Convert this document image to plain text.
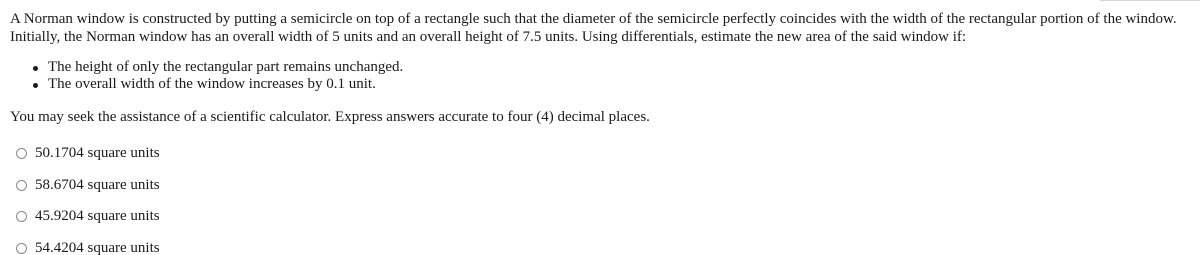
A Norman window is constructed by putting a semicircle on top of a rectangle such that the diameter of the semicircle perfectly coincides with the width of the rectangular portion of the window. Initially, the Norman window has an overall width of 5 units and an overall height of 7.5 units. Using differentials, estimate the new area of the said window if:

The height of only the rectangular part remains unchanged.
The overall width of the window increases by 0.1 unit.

You may seek the assistance of a scientific calculator. Express answers accurate to four (4) decimal places.

50.1704 square units
58.6704 square units
45.9204 square units
54.4204 square units
